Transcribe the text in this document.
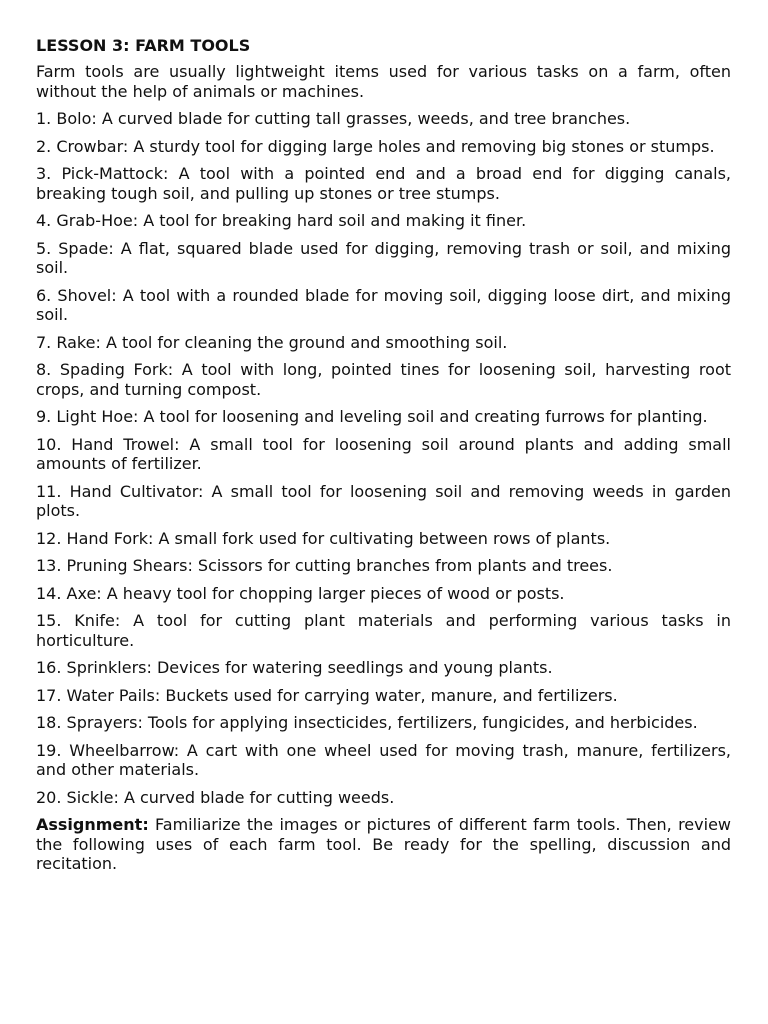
LESSON 3: FARM TOOLS

Farm tools are usually lightweight items used for various tasks on a farm, often without the help of animals or machines.

1. Bolo: A curved blade for cutting tall grasses, weeds, and tree branches.

2. Crowbar: A sturdy tool for digging large holes and removing big stones or stumps.

3. Pick-Mattock: A tool with a pointed end and a broad end for digging canals, breaking tough soil, and pulling up stones or tree stumps.

4. Grab-Hoe: A tool for breaking hard soil and making it finer.

5. Spade: A flat, squared blade used for digging, removing trash or soil, and mixing soil.

6. Shovel: A tool with a rounded blade for moving soil, digging loose dirt, and mixing soil.

7. Rake: A tool for cleaning the ground and smoothing soil.

8. Spading Fork: A tool with long, pointed tines for loosening soil, harvesting root crops, and turning compost.

9. Light Hoe: A tool for loosening and leveling soil and creating furrows for planting.

10. Hand Trowel: A small tool for loosening soil around plants and adding small amounts of fertilizer.

11. Hand Cultivator: A small tool for loosening soil and removing weeds in garden plots.

12. Hand Fork: A small fork used for cultivating between rows of plants.

13. Pruning Shears: Scissors for cutting branches from plants and trees.

14. Axe: A heavy tool for chopping larger pieces of wood or posts.

15. Knife: A tool for cutting plant materials and performing various tasks in horticulture.

16. Sprinklers: Devices for watering seedlings and young plants.

17. Water Pails: Buckets used for carrying water, manure, and fertilizers.

18. Sprayers: Tools for applying insecticides, fertilizers, fungicides, and herbicides.

19. Wheelbarrow: A cart with one wheel used for moving trash, manure, fertilizers, and other materials.

20. Sickle: A curved blade for cutting weeds.

Assignment: Familiarize the images or pictures of different farm tools. Then, review the following uses of each farm tool. Be ready for the spelling, discussion and recitation.
